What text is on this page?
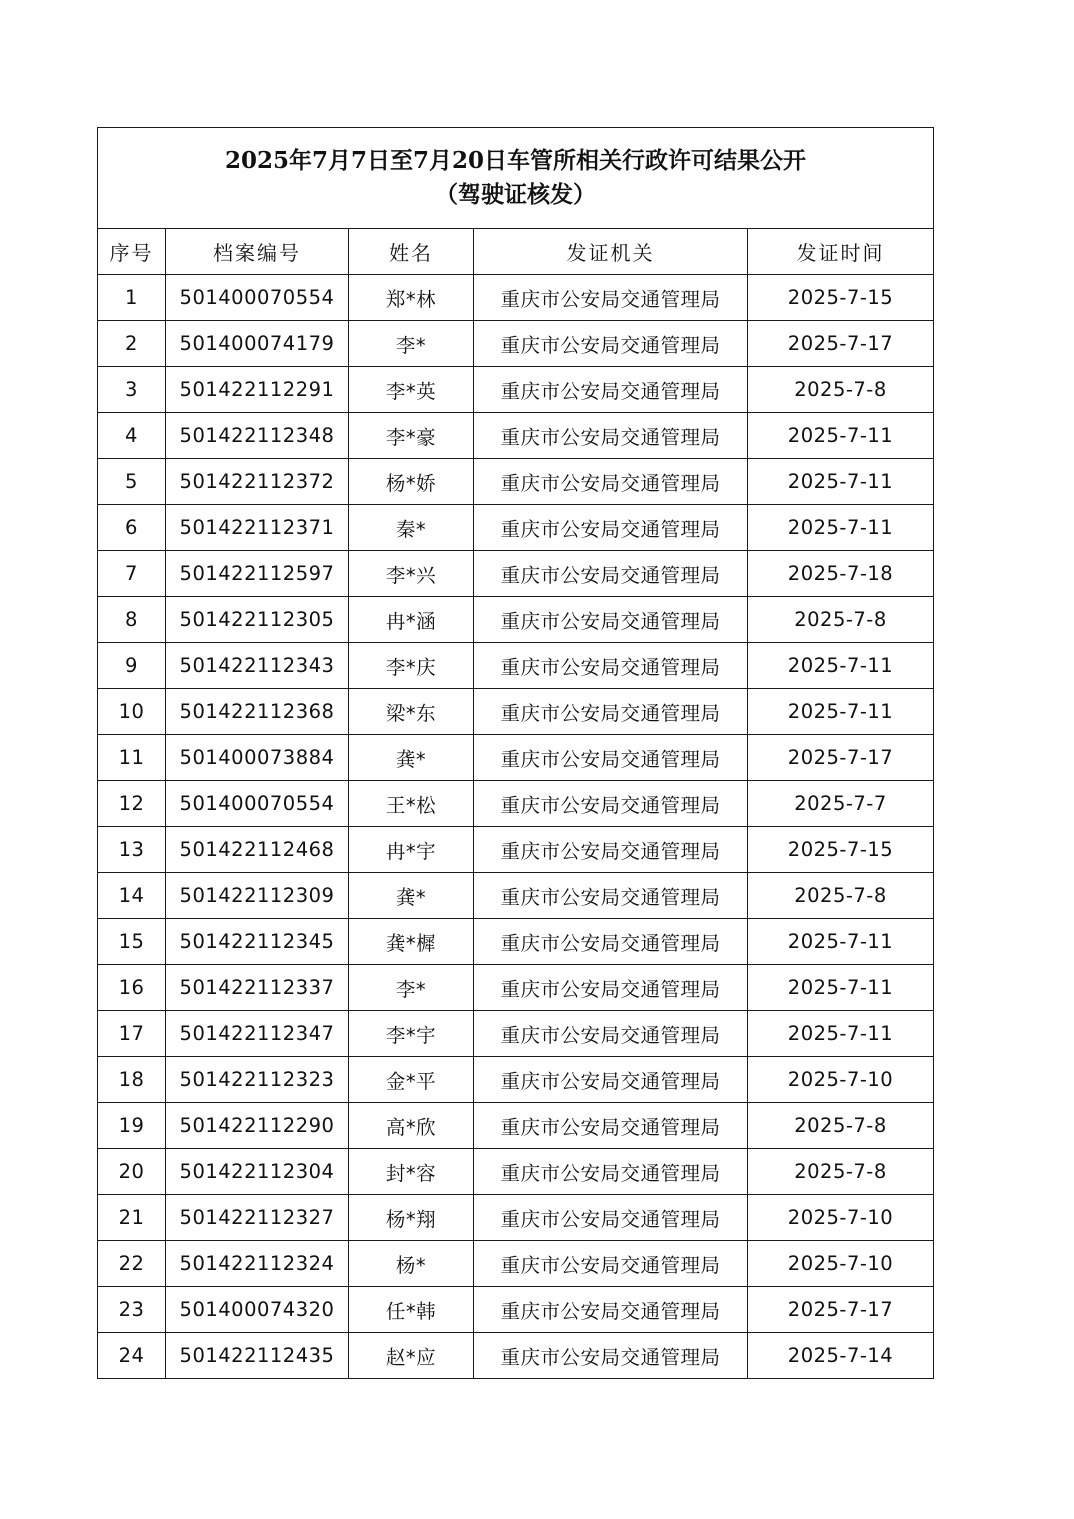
2025年7月7日至7月20日车管所相关行政许可结果公开
（驾驶证核发）				

序号	档案编号	姓名	发证机关	发证时间
1	501400070554	郑*林	重庆市公安局交通管理局	2025-7-15
2	501400074179	李*	重庆市公安局交通管理局	2025-7-17
3	501422112291	李*英	重庆市公安局交通管理局	2025-7-8
4	501422112348	李*豪	重庆市公安局交通管理局	2025-7-11
5	501422112372	杨*娇	重庆市公安局交通管理局	2025-7-11
6	501422112371	秦*	重庆市公安局交通管理局	2025-7-11
7	501422112597	李*兴	重庆市公安局交通管理局	2025-7-18
8	501422112305	冉*涵	重庆市公安局交通管理局	2025-7-8
9	501422112343	李*庆	重庆市公安局交通管理局	2025-7-11
10	501422112368	梁*东	重庆市公安局交通管理局	2025-7-11
11	501400073884	龚*	重庆市公安局交通管理局	2025-7-17
12	501400070554	王*松	重庆市公安局交通管理局	2025-7-7
13	501422112468	冉*宇	重庆市公安局交通管理局	2025-7-15
14	501422112309	龚*	重庆市公安局交通管理局	2025-7-8
15	501422112345	龚*樨	重庆市公安局交通管理局	2025-7-11
16	501422112337	李*	重庆市公安局交通管理局	2025-7-11
17	501422112347	李*宇	重庆市公安局交通管理局	2025-7-11
18	501422112323	金*平	重庆市公安局交通管理局	2025-7-10
19	501422112290	高*欣	重庆市公安局交通管理局	2025-7-8
20	501422112304	封*容	重庆市公安局交通管理局	2025-7-8
21	501422112327	杨*翔	重庆市公安局交通管理局	2025-7-10
22	501422112324	杨*	重庆市公安局交通管理局	2025-7-10
23	501400074320	任*韩	重庆市公安局交通管理局	2025-7-17
24	501422112435	赵*应	重庆市公安局交通管理局	2025-7-14
